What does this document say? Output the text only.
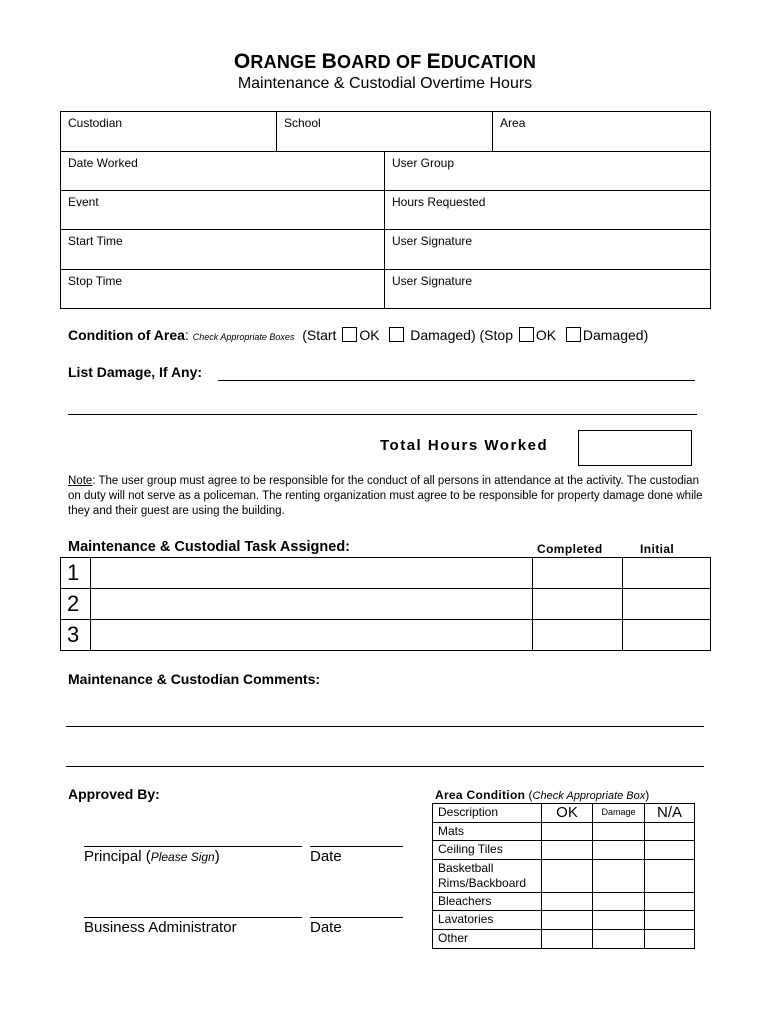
ORANGE BOARD OF EDUCATION
Maintenance & Custodial Overtime Hours
Custodian	School		Area
Date Worked		User Group	
Event		Hours Requested	
Start Time		User Signature	
Stop Time		User Signature	
Condition of Area: Check Appropriate Boxes (Start OK Damaged) (Stop OK Damaged)
List Damage, If Any:
Total Hours Worked
Note: The user group must agree to be responsible for the conduct of all persons in attendance at the activity. The custodian on duty will not serve as a policeman. The renting organization must agree to be responsible for property damage done while they and their guest are using the building.
Maintenance & Custodial Task Assigned:	Completed	Initial
1			
2			
3			
Maintenance & Custodian Comments:
Approved By:
Principal (Please Sign)	Date
Business Administrator	Date
Area Condition (Check Appropriate Box)
Description	OK	Damage	N/A
Mats			
Ceiling Tiles			
Basketball Rims/Backboard			
Bleachers			
Lavatories			
Other			
